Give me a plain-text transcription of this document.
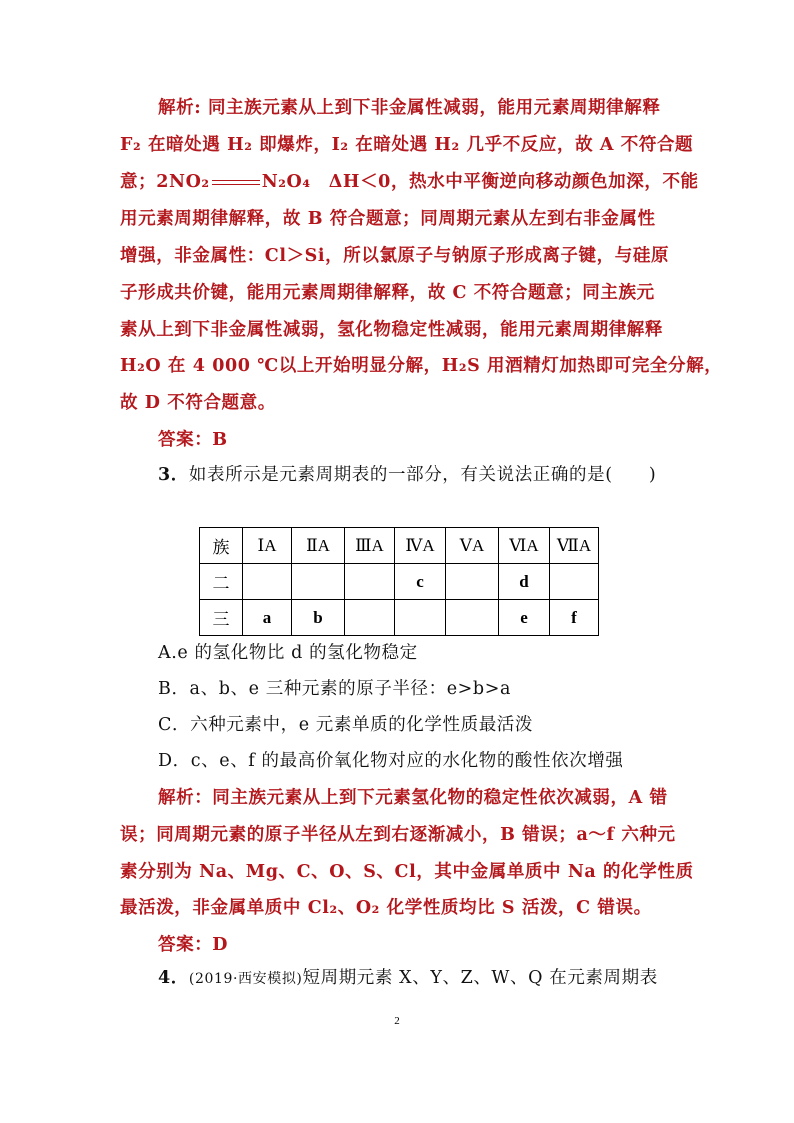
解析: 同主族元素从上到下非金属性减弱，能用元素周期律解释
F₂ 在暗处遇 H₂ 即爆炸，I₂ 在暗处遇 H₂ 几乎不反应，故 A 不符合题
意；2NO₂	N₂O₄　ΔH＜0，热水中平衡逆向移动颜色加深，不能
用元素周期律解释，故 B 符合题意；同周期元素从左到右非金属性
增强，非金属性：Cl＞Si，所以氯原子与钠原子形成离子键，与硅原
子形成共价键，能用元素周期律解释，故 C 不符合题意；同主族元
素从上到下非金属性减弱，氢化物稳定性减弱，能用元素周期律解释
H₂O 在 4 000 ℃以上开始明显分解，H₂S 用酒精灯加热即可完全分解，
故 D 不符合题意。
答案：B
3．如表所示是元素周期表的一部分，有关说法正确的是(　　)
族	ⅠA	ⅡA	ⅢA	ⅣA	ⅤA	ⅥA	ⅦA
二				c		d	
三	a	b				e	f
A.e 的氢化物比 d 的氢化物稳定
B．a、b、e 三种元素的原子半径：e>b>a
C．六种元素中，e 元素单质的化学性质最活泼
D．c、e、f 的最高价氧化物对应的水化物的酸性依次增强
解析：同主族元素从上到下元素氢化物的稳定性依次减弱，A 错
误；同周期元素的原子半径从左到右逐渐减小，B 错误；a～f 六种元
素分别为 Na、Mg、C、O、S、Cl，其中金属单质中 Na 的化学性质
最活泼，非金属单质中 Cl₂、O₂ 化学性质均比 S 活泼，C 错误。
答案：D
4．(2019·西安模拟)短周期元素 X、Y、Z、W、Q 在元素周期表
2
